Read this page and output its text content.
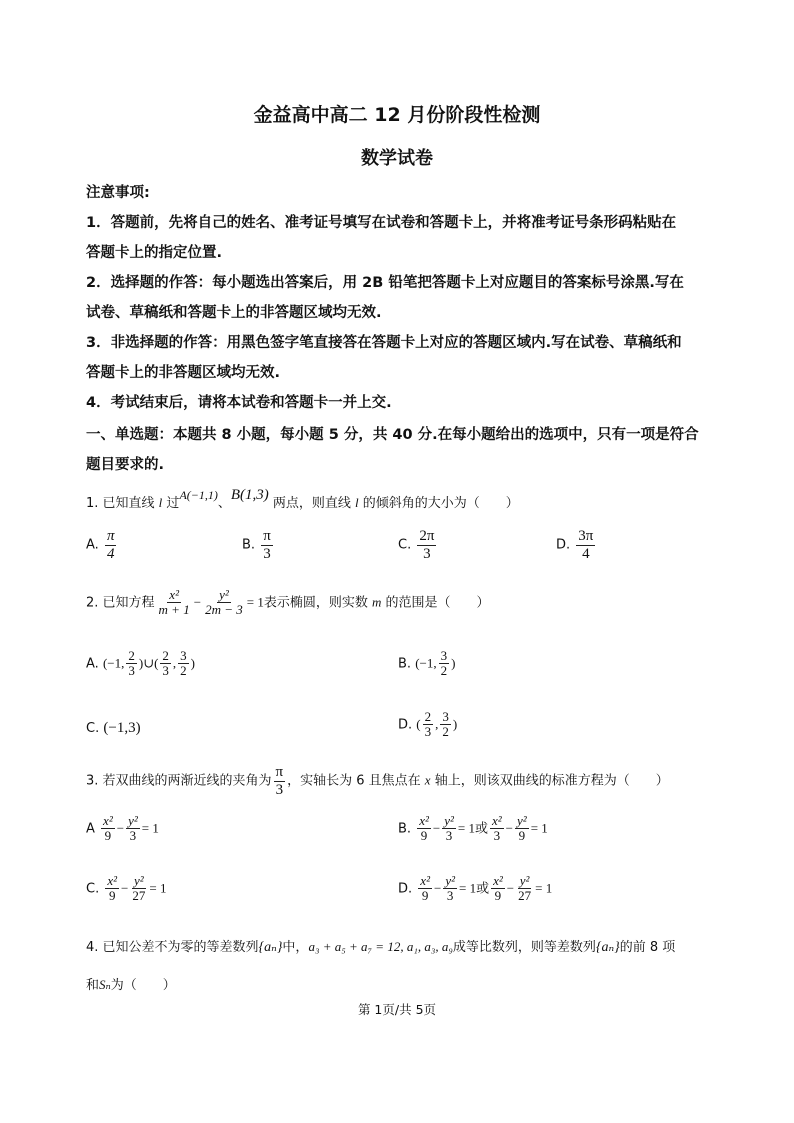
金益高中高二 12 月份阶段性检测
数学试卷
注意事项:
1．答题前，先将自己的姓名、准考证号填写在试卷和答题卡上，并将准考证号条形码粘贴在
答题卡上的指定位置.
2．选择题的作答：每小题选出答案后，用 2B 铅笔把答题卡上对应题目的答案标号涂黑.写在
试卷、草稿纸和答题卡上的非答题区域均无效.
3．非选择题的作答：用黑色签字笔直接答在答题卡上对应的答题区域内.写在试卷、草稿纸和
答题卡上的非答题区域均无效.
4．考试结束后，请将本试卷和答题卡一并上交.
一、单选题：本题共 8 小题，每小题 5 分，共 40 分.在每小题给出的选项中，只有一项是符合
题目要求的.
1. 已知直线 l 过A(−1,1)、B(1,3) 两点，则直线 l 的倾斜角的大小为（　　）
A. $\frac{\pi}{4}$	B. $\frac{\pi}{3}$	C. $\frac{2\pi}{3}$	D. $\frac{3\pi}{4}$
2. 已知方程 $\frac{\text{x²}}{m + 1} - \frac{\text{y²}}{2m - 3} = 1$表示椭圆，则实数 m 的范围是（　　）
A. (−1, $\frac{2}{3}$ )∪( $\frac{2}{3}$ , $\frac{3}{2}$ )	B. (−1, $\frac{3}{2}$ )
C. (−1,3)	D. ( $\frac{2}{3}$ , $\frac{3}{2}$ )
3. 若双曲线的两渐近线的夹角为 $\frac{\pi}{3}$ ，实轴长为 6 且焦点在 x 轴上，则该双曲线的标准方程为（　　）
A $\frac{\text{x²}}{9} - \frac{\text{y²}}{3} = 1$	B. $\frac{\text{x²}}{9} - \frac{\text{y²}}{3} = 1$或 $\frac{\text{x²}}{3} - \frac{\text{y²}}{9} = 1$
C. $\frac{\text{x²}}{9} - \frac{\text{y²}}{27} = 1$	D. $\frac{\text{x²}}{9} - \frac{\text{y²}}{3} = 1$或 $\frac{\text{x²}}{9} - \frac{\text{y²}}{27} = 1$
4. 已知公差不为零的等差数列{aₙ}中，a₃ + a₅ + a₇ = 12, a₁, a₃, a₉成等比数列，则等差数列{aₙ}的前 8 项
和Sₙ为（　　）
第 1页/共 5页
